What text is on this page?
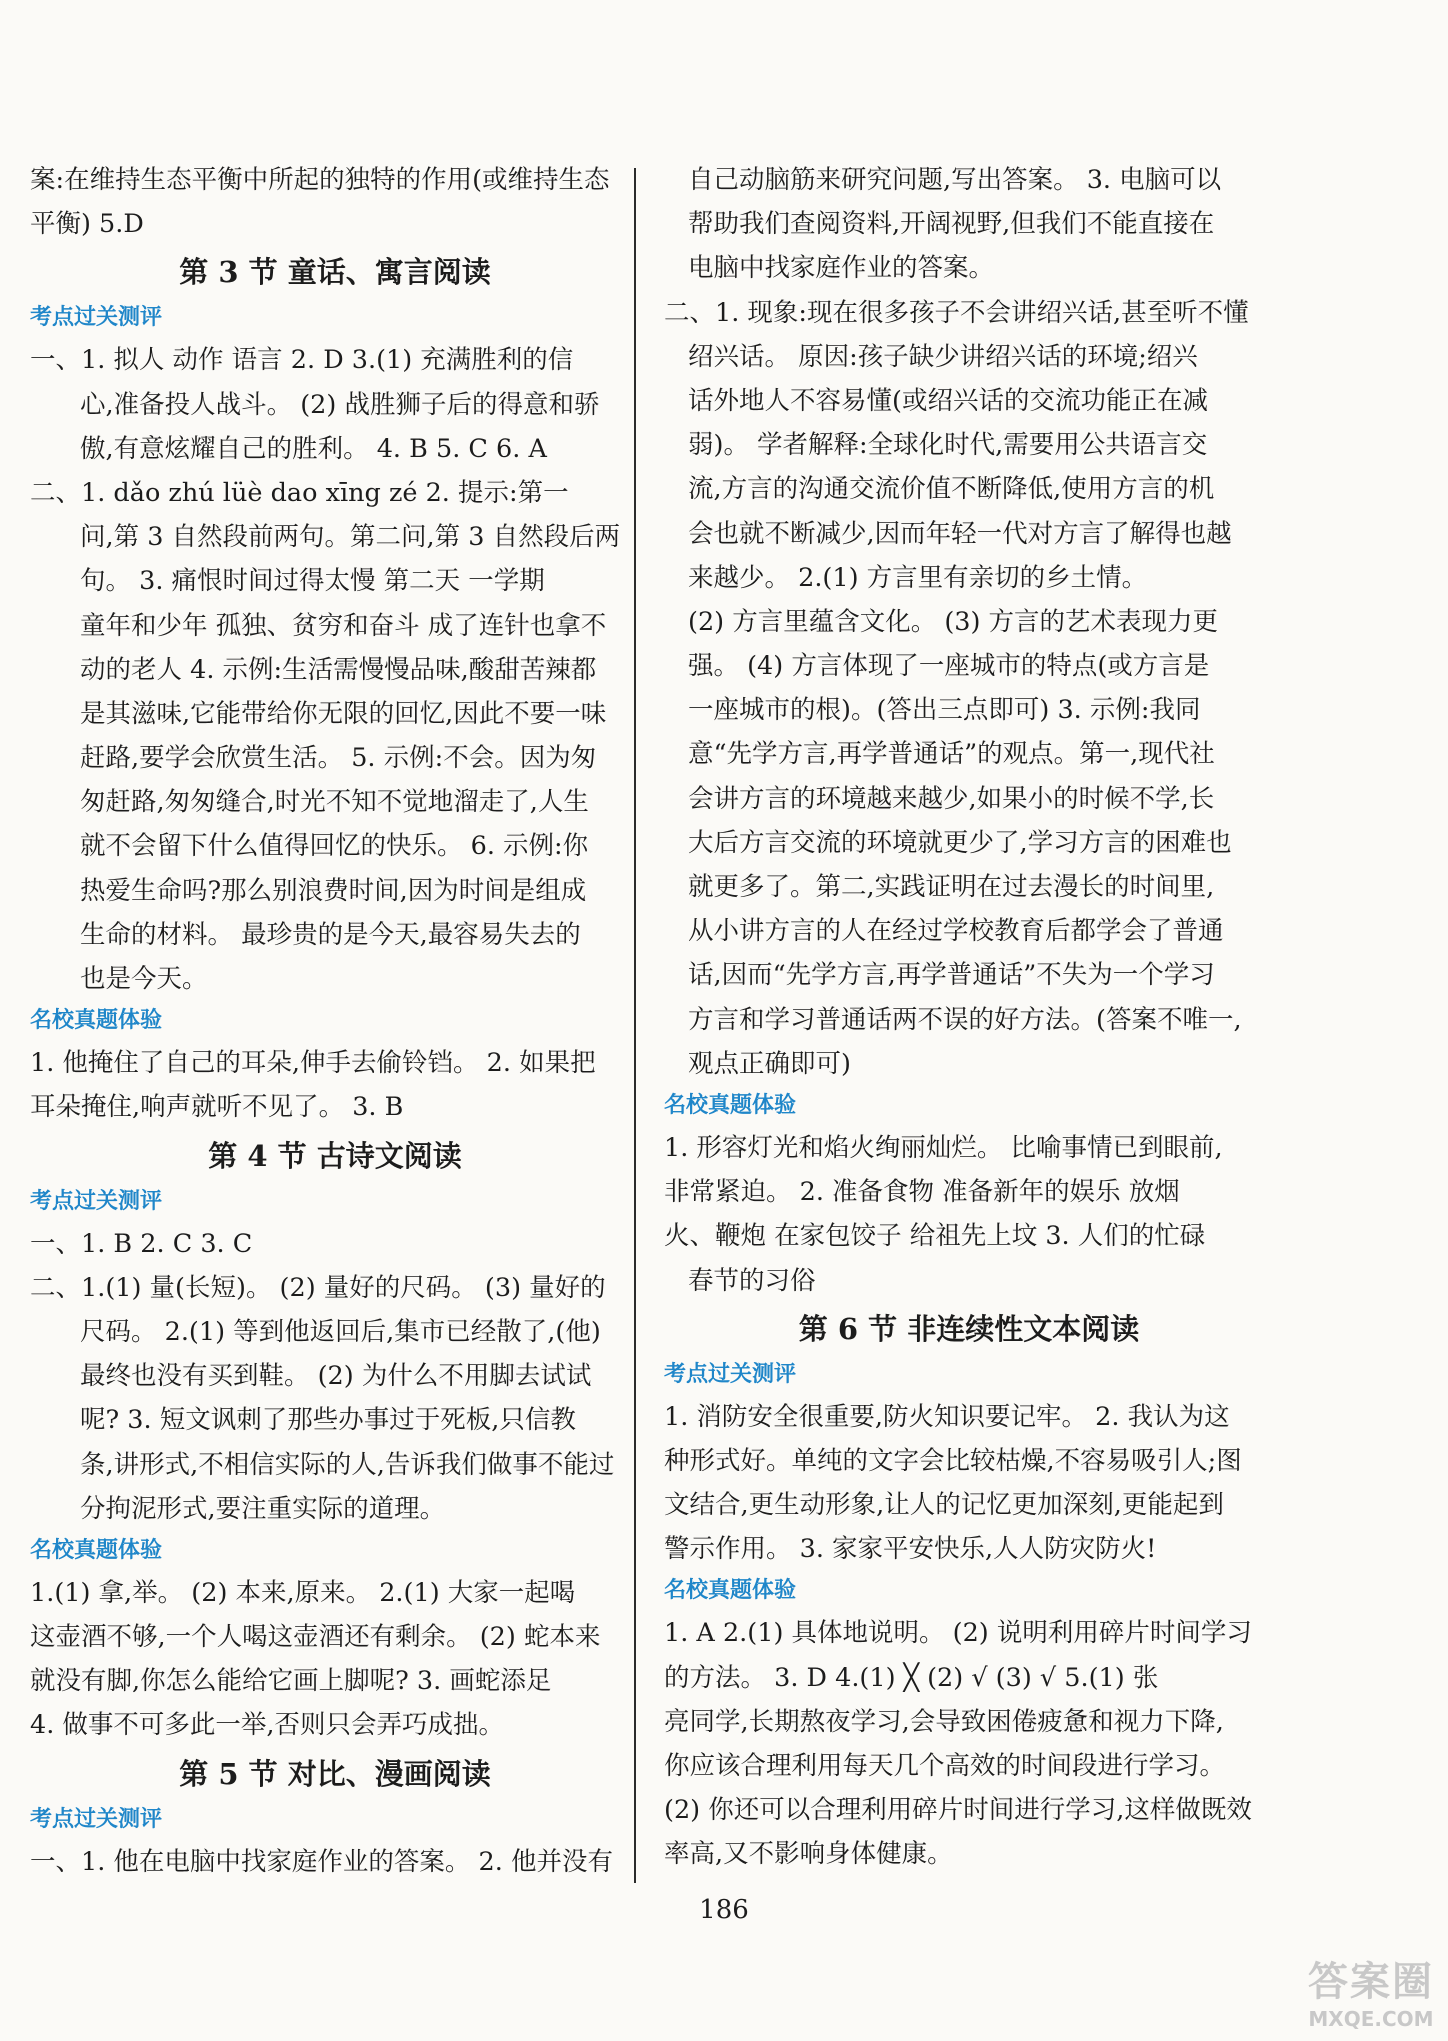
案:在维持生态平衡中所起的独特的作用(或维持生态
平衡) 5.D
第 3 节 童话、寓言阅读
考点过关测评
一、1. 拟人 动作 语言 2. D 3.(1) 充满胜利的信
心,准备投人战斗。 (2) 战胜狮子后的得意和骄
傲,有意炫耀自己的胜利。 4. B 5. C 6. A
二、1. dǎo zhú lüè dao xīng zé 2. 提示:第一
问,第 3 自然段前两句。第二问,第 3 自然段后两
句。 3. 痛恨时间过得太慢 第二天 一学期
童年和少年 孤独、贫穷和奋斗 成了连针也拿不
动的老人 4. 示例:生活需慢慢品味,酸甜苦辣都
是其滋味,它能带给你无限的回忆,因此不要一味
赶路,要学会欣赏生活。 5. 示例:不会。因为匆
匆赶路,匆匆缝合,时光不知不觉地溜走了,人生
就不会留下什么值得回忆的快乐。 6. 示例:你
热爱生命吗?那么别浪费时间,因为时间是组成
生命的材料。 最珍贵的是今天,最容易失去的
也是今天。
名校真题体验
1. 他掩住了自己的耳朵,伸手去偷铃铛。 2. 如果把
耳朵掩住,响声就听不见了。 3. B
第 4 节 古诗文阅读
考点过关测评
一、1. B 2. C 3. C
二、1.(1) 量(长短)。 (2) 量好的尺码。 (3) 量好的
尺码。 2.(1) 等到他返回后,集市已经散了,(他)
最终也没有买到鞋。 (2) 为什么不用脚去试试
呢? 3. 短文讽刺了那些办事过于死板,只信教
条,讲形式,不相信实际的人,告诉我们做事不能过
分拘泥形式,要注重实际的道理。
名校真题体验
1.(1) 拿,举。 (2) 本来,原来。 2.(1) 大家一起喝
这壶酒不够,一个人喝这壶酒还有剩余。 (2) 蛇本来
就没有脚,你怎么能给它画上脚呢? 3. 画蛇添足
4. 做事不可多此一举,否则只会弄巧成拙。
第 5 节 对比、漫画阅读
考点过关测评
一、1. 他在电脑中找家庭作业的答案。 2. 他并没有
自己动脑筋来研究问题,写出答案。 3. 电脑可以
帮助我们查阅资料,开阔视野,但我们不能直接在
电脑中找家庭作业的答案。
二、1. 现象:现在很多孩子不会讲绍兴话,甚至听不懂
绍兴话。 原因:孩子缺少讲绍兴话的环境;绍兴
话外地人不容易懂(或绍兴话的交流功能正在减
弱)。 学者解释:全球化时代,需要用公共语言交
流,方言的沟通交流价值不断降低,使用方言的机
会也就不断减少,因而年轻一代对方言了解得也越
来越少。 2.(1) 方言里有亲切的乡土情。
(2) 方言里蕴含文化。 (3) 方言的艺术表现力更
强。 (4) 方言体现了一座城市的特点(或方言是
一座城市的根)。(答出三点即可) 3. 示例:我同
意“先学方言,再学普通话”的观点。第一,现代社
会讲方言的环境越来越少,如果小的时候不学,长
大后方言交流的环境就更少了,学习方言的困难也
就更多了。第二,实践证明在过去漫长的时间里,
从小讲方言的人在经过学校教育后都学会了普通
话,因而“先学方言,再学普通话”不失为一个学习
方言和学习普通话两不误的好方法。(答案不唯一,
观点正确即可)
名校真题体验
1. 形容灯光和焰火绚丽灿烂。 比喻事情已到眼前,
非常紧迫。 2. 准备食物 准备新年的娱乐 放烟
火、鞭炮 在家包饺子 给祖先上坟 3. 人们的忙碌
春节的习俗
第 6 节 非连续性文本阅读
考点过关测评
1. 消防安全很重要,防火知识要记牢。 2. 我认为这
种形式好。单纯的文字会比较枯燥,不容易吸引人;图
文结合,更生动形象,让人的记忆更加深刻,更能起到
警示作用。 3. 家家平安快乐,人人防灾防火!
名校真题体验
1. A 2.(1) 具体地说明。 (2) 说明利用碎片时间学习
的方法。 3. D 4.(1) ╳ (2) √ (3) √ 5.(1) 张
亮同学,长期熬夜学习,会导致困倦疲惫和视力下降,
你应该合理利用每天几个高效的时间段进行学习。
(2) 你还可以合理利用碎片时间进行学习,这样做既效
率高,又不影响身体健康。
186
答案圈
MXQE.COM
